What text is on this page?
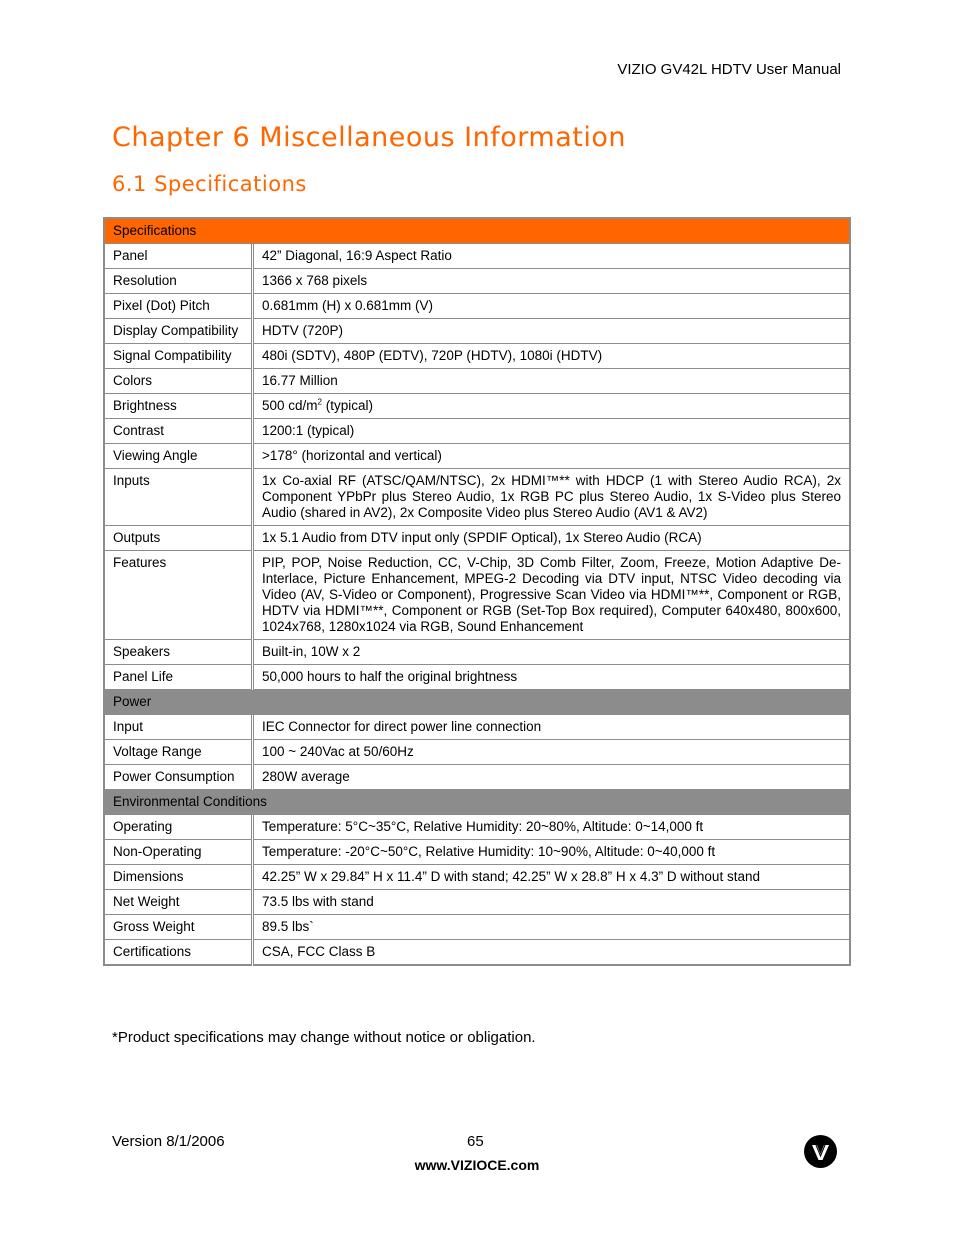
VIZIO GV42L HDTV User Manual
Chapter 6 Miscellaneous Information
6.1 Specifications
Specifications	
Panel	42” Diagonal, 16:9 Aspect Ratio
Resolution	1366 x 768 pixels
Pixel (Dot) Pitch	0.681mm (H) x 0.681mm (V)
Display Compatibility	HDTV (720P)
Signal Compatibility	480i (SDTV), 480P (EDTV), 720P (HDTV), 1080i (HDTV)
Colors	16.77 Million
Brightness	500 $cd/m^2$ (typical)
Contrast	1200:1 (typical)
Viewing Angle	>178° (horizontal and vertical)
Inputs	1x Co-axial RF (ATSC/QAM/NTSC), 2x HDMI™** with HDCP (1 with Stereo Audio RCA), 2x Component YPbPr plus Stereo Audio, 1x RGB PC plus Stereo Audio, 1x S-Video plus Stereo Audio (shared in AV2), 2x Composite Video plus Stereo Audio (AV1 & AV2)
Outputs	1x 5.1 Audio from DTV input only (SPDIF Optical), 1x Stereo Audio (RCA)
Features	PIP, POP, Noise Reduction, CC, V-Chip, 3D Comb Filter, Zoom, Freeze, Motion Adaptive De-Interlace, Picture Enhancement, MPEG-2 Decoding via DTV input, NTSC Video decoding via Video (AV, S-Video or Component), Progressive Scan Video via HDMI™**, Component or RGB, HDTV via HDMI™**, Component or RGB (Set-Top Box required), Computer 640x480, 800x600, 1024x768, 1280x1024 via RGB, Sound Enhancement
Speakers	Built-in, 10W x 2
Panel Life	50,000 hours to half the original brightness
Power	
Input	IEC Connector for direct power line connection
Voltage Range	100 ~ 240Vac at 50/60Hz
Power Consumption	280W average
Environmental Conditions	
Operating	Temperature: 5°C~35°C, Relative Humidity: 20~80%, Altitude: 0~14,000 ft
Non-Operating	Temperature: -20°C~50°C, Relative Humidity: 10~90%, Altitude: 0~40,000 ft
Dimensions	42.25” W x 29.84” H x 11.4” D with stand; 42.25” W x 28.8” H x 4.3” D without stand
Net Weight	73.5 lbs with stand
Gross Weight	89.5 lbs`
Certifications	CSA, FCC Class B
*Product specifications may change without notice or obligation.
Version 8/1/2006	65
www.VIZIOCE.com
